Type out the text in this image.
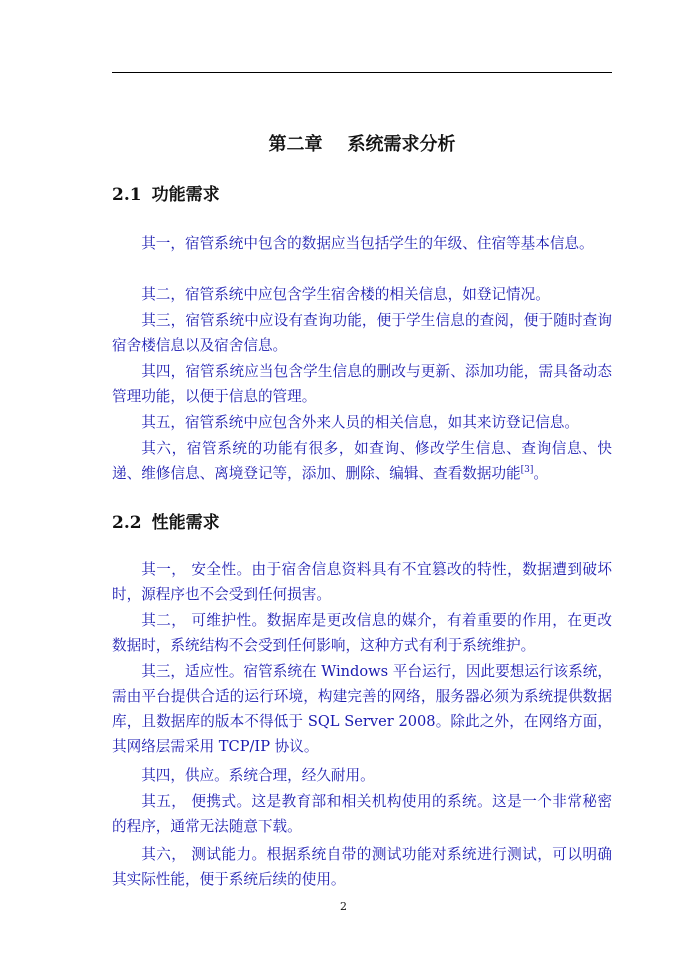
第二章    系统需求分析
2.1 功能需求

其一，宿管系统中包含的数据应当包括学生的年级、住宿等基本信息。

其二，宿管系统中应包含学生宿舍楼的相关信息，如登记情况。

其三，宿管系统中应设有查询功能，便于学生信息的查阅，便于随时查询宿舍楼信息以及宿舍信息。

其四，宿管系统应当包含学生信息的删改与更新、添加功能，需具备动态管理功能，以便于信息的管理。

其五，宿管系统中应包含外来人员的相关信息，如其来访登记信息。

其六，宿管系统的功能有很多，如查询、修改学生信息、查询信息、快递、维修信息、离境登记等，添加、删除、编辑、查看数据功能[3]。

2.2 性能需求

其一， 安全性。由于宿舍信息资料具有不宜篡改的特性，数据遭到破坏时，源程序也不会受到任何损害。

其二， 可维护性。数据库是更改信息的媒介，有着重要的作用，在更改数据时，系统结构不会受到任何影响，这种方式有利于系统维护。

其三，适应性。宿管系统在 Windows 平台运行，因此要想运行该系统，需由平台提供合适的运行环境，构建完善的网络，服务器必须为系统提供数据库，且数据库的版本不得低于 SQL Server 2008。除此之外，在网络方面，其网络层需采用 TCP/IP 协议。

其四，供应。系统合理，经久耐用。

其五， 便携式。这是教育部和相关机构使用的系统。这是一个非常秘密的程序，通常无法随意下载。

其六， 测试能力。根据系统自带的测试功能对系统进行测试，可以明确其实际性能，便于系统后续的使用。

2
